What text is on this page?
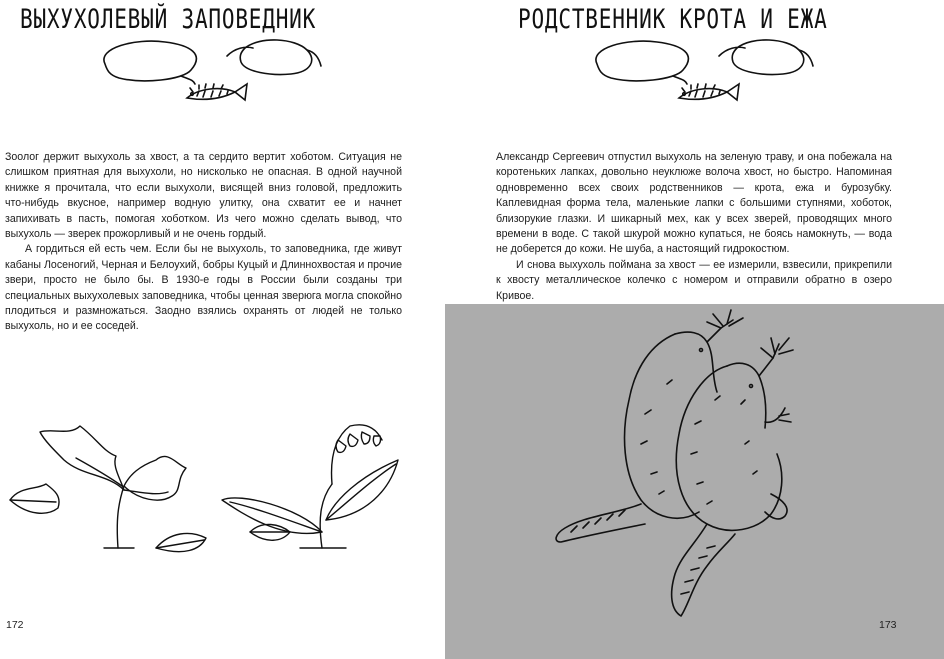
ВЫХУХОЛЕВЫЙ ЗАПОВЕДНИК

Зоолог держит выхухоль за хвост, а та сердито вертит хоботом. Ситуация не слишком приятная для выхухоли, но нисколько не опасная. В одной научной книжке я прочитала, что если выхухоли, висящей вниз головой, предложить что-нибудь вкусное, например водную улитку, она схватит ее и начнет запихивать в пасть, помогая хоботком. Из чего можно сделать вывод, что выхухоль — зверек прожорливый и не очень гордый.

А гордиться ей есть чем. Если бы не выхухоль, то заповедника, где живут кабаны Лосеногий, Черная и Белоухий, бобры Куцый и Длиннохвостая и прочие звери, просто не было бы. В 1930-е годы в России были созданы три специальных выхухолевых заповедника, чтобы ценная зверюга могла спокойно плодиться и размножаться. Заодно взялись охранять от людей не только выхухоль, но и ее соседей.

172
РОДСТВЕННИК КРОТА И ЕЖА

Александр Сергеевич отпустил выхухоль на зеленую траву, и она побежала на коротеньких лапках, довольно неуклюже волоча хвост, но быстро. Напоминая одновременно всех своих родственников — крота, ежа и бурозубку. Каплевидная форма тела, маленькие лапки с большими ступнями, хоботок, близорукие глазки. И шикарный мех, как у всех зверей, проводящих много времени в воде. С такой шкурой можно купаться, не боясь намокнуть, — вода не доберется до кожи. Не шуба, а настоящий гидрокостюм.

И снова выхухоль поймана за хвост — ее измерили, взвесили, прикрепили к хвосту металлическое колечко с номером и отправили обратно в озеро Кривое.

173
